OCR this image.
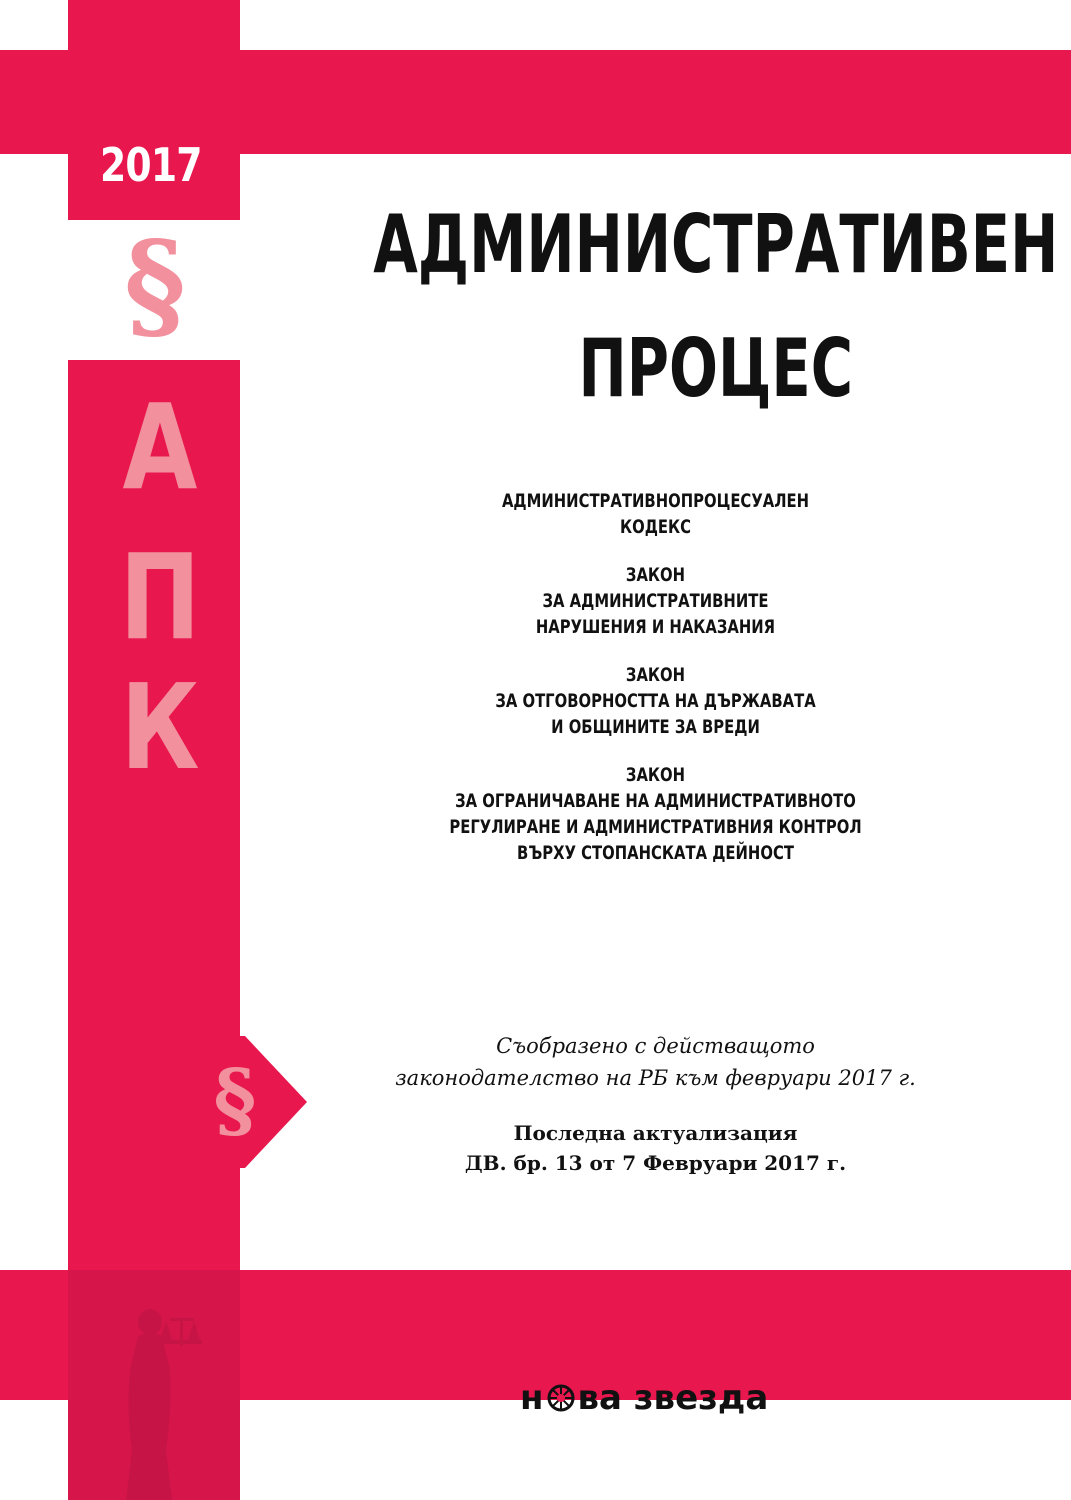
2017
§
А
П
К
§
АДМИНИСТРАТИВЕН
ПРОЦЕС
АДМИНИСТРАТИВНОПРОЦЕСУАЛЕН
КОДЕКС
ЗАКОН
ЗА АДМИНИСТРАТИВНИТЕ
НАРУШЕНИЯ И НАКАЗАНИЯ
ЗАКОН
ЗА ОТГОВОРНОСТТА НА ДЪРЖАВАТА
И ОБЩИНИТЕ ЗА ВРЕДИ
ЗАКОН
ЗА ОГРАНИЧАВАНЕ НА АДМИНИСТРАТИВНОТО
РЕГУЛИРАНЕ И АДМИНИСТРАТИВНИЯ КОНТРОЛ
ВЪРХУ СТОПАНСКАТА ДЕЙНОСТ
Съобразено с действащото
законодателство на РБ към февруари 2017 г.
Последна актуализация
ДВ. бр. 13 от 7 Февруари 2017 г.
н ва звезда
